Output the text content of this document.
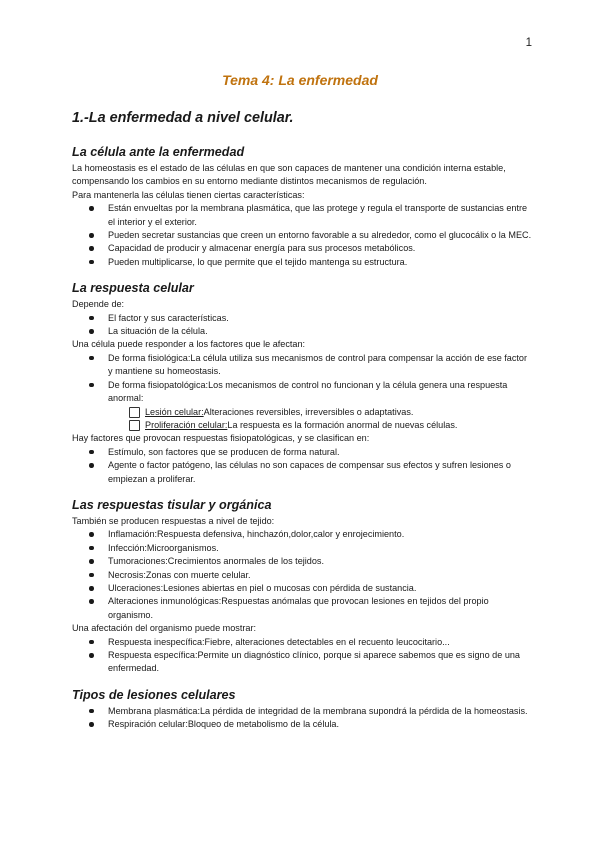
1
Tema 4: La enfermedad
1.-La enfermedad a nivel celular.
La célula ante la enfermedad

La homeostasis es el estado de las células en que son capaces de mantener una condición interna estable, compensando los cambios en su entorno mediante distintos mecanismos de regulación.

Para mantenerla las células tienen ciertas características:

Están envueltas por la membrana plasmática, que las protege y regula el transporte de sustancias entre el interior y el exterior.
Pueden secretar sustancias que creen un entorno favorable a su alrededor, como el glucocálix o la MEC.
Capacidad de producir y almacenar energía para sus procesos metabólicos.
Pueden multiplicarse, lo que permite que el tejido mantenga su estructura.
La respuesta celular

Depende de:

El factor y sus características.
La situación de la célula.

Una célula puede responder a los factores que le afectan:

De forma fisiológica:La célula utiliza sus mecanismos de control para compensar la acción de ese factor y mantiene su homeostasis.
De forma fisiopatológica:Los mecanismos de control no funcionan y la célula genera una respuesta anormal:
Lesión celular:Alteraciones reversibles, irreversibles o adaptativas.
Proliferación celular:La respuesta es la formación anormal de nuevas células.

Hay factores que provocan respuestas fisiopatológicas, y se clasifican en:

Estímulo, son factores que se producen de forma natural.
Agente o factor patógeno, las células no son capaces de compensar sus efectos y sufren lesiones o empiezan a proliferar.
Las respuestas tisular y orgánica

También se producen respuestas a nivel de tejido:

Inflamación:Respuesta defensiva, hinchazón,dolor,calor y enrojecimiento.
Infección:Microorganismos.
Tumoraciones:Crecimientos anormales de los tejidos.
Necrosis:Zonas con muerte celular.
Ulceraciones:Lesiones abiertas en piel o mucosas con pérdida de sustancia.
Alteraciones inmunológicas:Respuestas anómalas que provocan lesiones en tejidos del propio organismo.

Una afectación del organismo puede mostrar:

Respuesta inespecífica:Fiebre, alteraciones detectables en el recuento leucocitario...
Respuesta específica:Permite un diagnóstico clínico, porque si aparece sabemos que es signo de una enfermedad.
Tipos de lesiones celulares
Membrana plasmática:La pérdida de integridad de la membrana supondrá la pérdida de la homeostasis.
Respiración celular:Bloqueo de metabolismo de la célula.
